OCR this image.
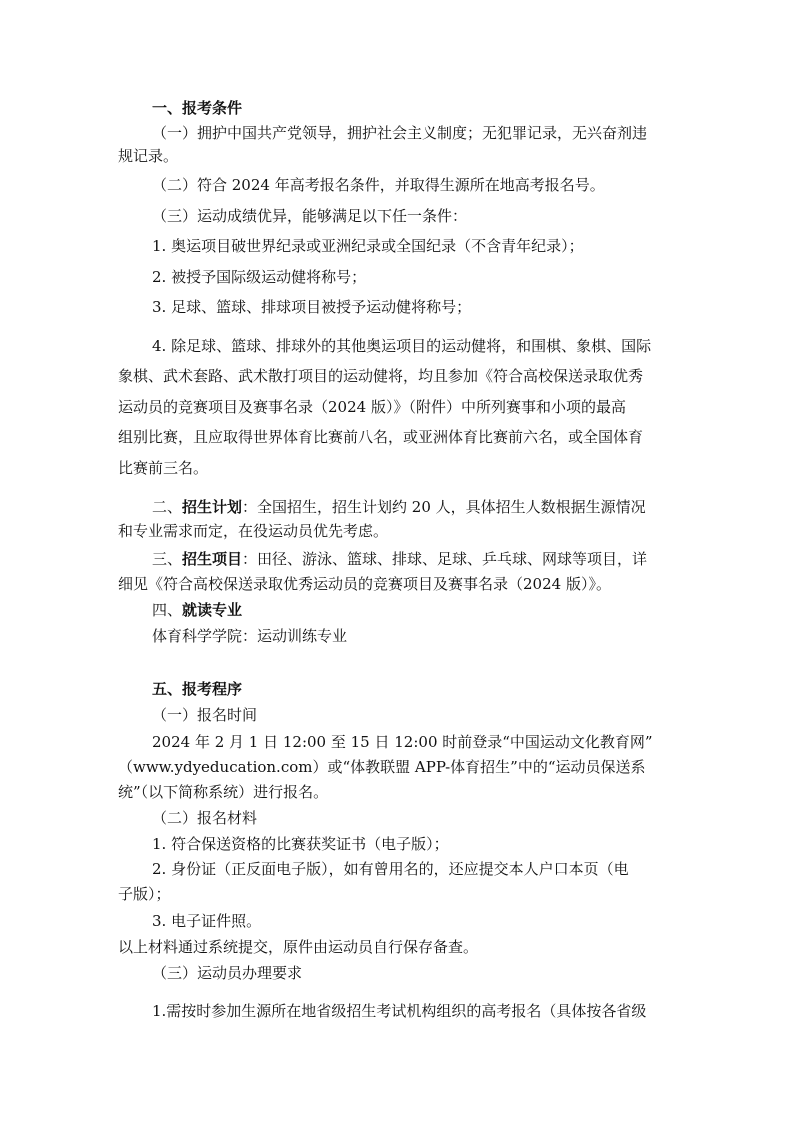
一、报考条件
（一）拥护中国共产党领导，拥护社会主义制度；无犯罪记录，无兴奋剂违
规记录。
（二）符合 2024 年高考报名条件，并取得生源所在地高考报名号。
（三）运动成绩优异，能够满足以下任一条件：
1. 奥运项目破世界纪录或亚洲纪录或全国纪录（不含青年纪录）；
2. 被授予国际级运动健将称号；
3. 足球、篮球、排球项目被授予运动健将称号；
4. 除足球、篮球、排球外的其他奥运项目的运动健将，和围棋、象棋、国际
象棋、武术套路、武术散打项目的运动健将，均且参加《符合高校保送录取优秀
运动员的竞赛项目及赛事名录（2024 版）》（附件）中所列赛事和小项的最高
组别比赛，且应取得世界体育比赛前八名，或亚洲体育比赛前六名，或全国体育
比赛前三名。
二、招生计划：全国招生，招生计划约 20 人，具体招生人数根据生源情况
和专业需求而定，在役运动员优先考虑。
三、招生项目：田径、游泳、篮球、排球、足球、乒乓球、网球等项目，详
细见《符合高校保送录取优秀运动员的竞赛项目及赛事名录（2024 版）》。
四、就读专业
体育科学学院：运动训练专业
五、报考程序
（一）报名时间
2024 年 2 月 1 日 12:00 至 15 日 12:00 时前登录“中国运动文化教育网”
（www.ydyeducation.com）或“体教联盟 APP-体育招生”中的“运动员保送系
统”（以下简称系统）进行报名。
（二）报名材料
1. 符合保送资格的比赛获奖证书（电子版）；
2. 身份证（正反面电子版），如有曾用名的，还应提交本人户口本页（电
子版）；
3. 电子证件照。
以上材料通过系统提交，原件由运动员自行保存备查。
（三）运动员办理要求
1.需按时参加生源所在地省级招生考试机构组织的高考报名（具体按各省级
